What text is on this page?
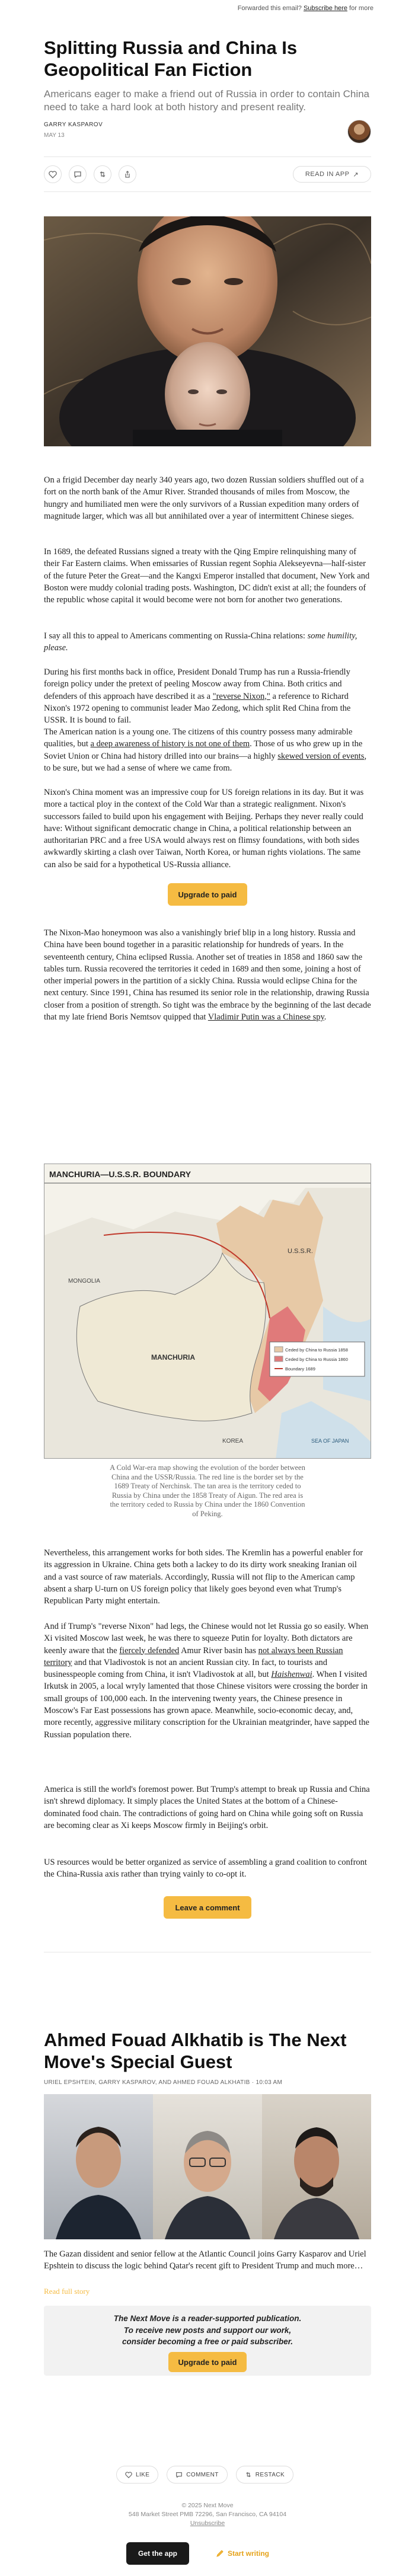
Forwarded this email? Subscribe here for more
Splitting Russia and China Is Geopolitical Fan Fiction
Americans eager to make a friend out of Russia in order to contain China need to take a hard look at both history and present reality.
GARRY KASPAROV
MAY 13
READ IN APP ↗

On a frigid December day nearly 340 years ago, two dozen Russian soldiers shuffled out of a fort on the north bank of the Amur River. Stranded thousands of miles from Moscow, the hungry and humiliated men were the only survivors of a Russian expedition many orders of magnitude larger, which was all but annihilated over a year of intermittent Chinese sieges.

In 1689, the defeated Russians signed a treaty with the Qing Empire relinquishing many of their Far Eastern claims. When emissaries of Russian regent Sophia Alekseyevna—half-sister of the future Peter the Great—and the Kangxi Emperor installed that document, New York and Boston were muddy colonial trading posts. Washington, DC didn't exist at all; the founders of the republic whose capital it would become were not born for another two generations.

I say all this to appeal to Americans commenting on Russia-China relations: some humility, please.

During his first months back in office, President Donald Trump has run a Russia-friendly foreign policy under the pretext of peeling Moscow away from China. Both critics and defenders of this approach have described it as a "reverse Nixon," a reference to Richard Nixon's 1972 opening to communist leader Mao Zedong, which split Red China from the USSR. It is bound to fail.

The American nation is a young one. The citizens of this country possess many admirable qualities, but a deep awareness of history is not one of them. Those of us who grew up in the Soviet Union or China had history drilled into our brains—a highly skewed version of events, to be sure, but we had a sense of where we came from.

Nixon's China moment was an impressive coup for US foreign relations in its day. But it was more a tactical ploy in the context of the Cold War than a strategic realignment. Nixon's successors failed to build upon his engagement with Beijing. Perhaps they never really could have: Without significant democratic change in China, a political relationship between an authoritarian PRC and a free USA would always rest on flimsy foundations, with both sides awkwardly skirting a clash over Taiwan, North Korea, or human rights violations. The same can also be said for a hypothetical US-Russia alliance.

Upgrade to paid

The Nixon-Mao honeymoon was also a vanishingly brief blip in a long history. Russia and China have been bound together in a parasitic relationship for hundreds of years. In the seventeenth century, China eclipsed Russia. Another set of treaties in 1858 and 1860 saw the tables turn. Russia recovered the territories it ceded in 1689 and then some, joining a host of other imperial powers in the partition of a sickly China. Russia would eclipse China for the next century. Since 1991, China has resumed its senior role in the relationship, drawing Russia closer from a position of strength. So tight was the embrace by the beginning of the last decade that my late friend Boris Nemtsov quipped that Vladimir Putin was a Chinese spy.

MANCHURIA—U.S.S.R. BOUNDARY
U.S.S.R.
MANCHURIA
MONGOLIA
KOREA	SEA OF JAPAN
Ceded by China to Russia 1858
Ceded by China to Russia 1860
Boundary 1689
A Cold War-era map showing the evolution of the border between China and the USSR/Russia. The red line is the border set by the 1689 Treaty of Nerchinsk. The tan area is the territory ceded to Russia by China under the 1858 Treaty of Aigun. The red area is the territory ceded to Russia by China under the 1860 Convention of Peking.

Nevertheless, this arrangement works for both sides. The Kremlin has a powerful enabler for its aggression in Ukraine. China gets both a lackey to do its dirty work sneaking Iranian oil and a vast source of raw materials. Accordingly, Russia will not flip to the American camp absent a sharp U-turn on US foreign policy that likely goes beyond even what Trump's Republican Party might entertain.

And if Trump's "reverse Nixon" had legs, the Chinese would not let Russia go so easily. When Xi visited Moscow last week, he was there to squeeze Putin for loyalty. Both dictators are keenly aware that the fiercely defended Amur River basin has not always been Russian territory and that Vladivostok is not an ancient Russian city. In fact, to tourists and businesspeople coming from China, it isn't Vladivostok at all, but Haishenwai. When I visited Irkutsk in 2005, a local wryly lamented that those Chinese visitors were crossing the border in small groups of 100,000 each. In the intervening twenty years, the Chinese presence in Moscow's Far East possessions has grown apace. Meanwhile, socio-economic decay, and, more recently, aggressive military conscription for the Ukrainian meatgrinder, have sapped the Russian population there.

America is still the world's foremost power. But Trump's attempt to break up Russia and China isn't shrewd diplomacy. It simply places the United States at the bottom of a Chinese-dominated food chain. The contradictions of going hard on China while going soft on Russia are becoming clear as Xi keeps Moscow firmly in Beijing's orbit.

US resources would be better organized as service of assembling a grand coalition to confront the China-Russia axis rather than trying vainly to co-opt it.

Leave a comment
Ahmed Fouad Alkhatib is The Next Move's Special Guest
URIEL EPSHTEIN, GARRY KASPAROV, AND AHMED FOUAD ALKHATIB · 10:03 AM

The Gazan dissident and senior fellow at the Atlantic Council joins Garry Kasparov and Uriel Epshtein to discuss the logic behind Qatar's recent gift to President Trump and much more…

Read full story
The Next Move is a reader-supported publication.
To receive new posts and support our work,
consider becoming a free or paid subscriber.
Upgrade to paid
LIKE	COMMENT	RESTACK
© 2025 Next Move
548 Market Street PMB 72296, San Francisco, CA 94104
Unsubscribe
Get the app	Start writing
